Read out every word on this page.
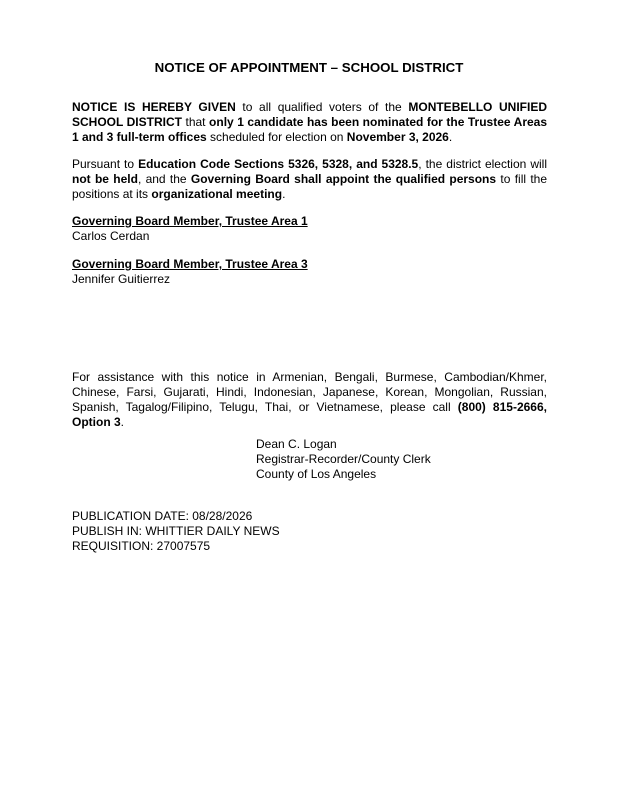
NOTICE OF APPOINTMENT – SCHOOL DISTRICT
NOTICE IS HEREBY GIVEN to all qualified voters of the MONTEBELLO UNIFIED SCHOOL DISTRICT that only 1 candidate has been nominated for the Trustee Areas 1 and 3 full-term offices scheduled for election on November 3, 2026.
Pursuant to Education Code Sections 5326, 5328, and 5328.5, the district election will not be held, and the Governing Board shall appoint the qualified persons to fill the positions at its organizational meeting.
Governing Board Member, Trustee Area 1
Carlos Cerdan
Governing Board Member, Trustee Area 3
Jennifer Guitierrez
For assistance with this notice in Armenian, Bengali, Burmese, Cambodian/Khmer, Chinese, Farsi, Gujarati, Hindi, Indonesian, Japanese, Korean, Mongolian, Russian, Spanish, Tagalog/Filipino, Telugu, Thai, or Vietnamese, please call (800) 815-2666, Option 3.
Dean C. Logan
Registrar-Recorder/County Clerk
County of Los Angeles
PUBLICATION DATE: 08/28/2026
PUBLISH IN: WHITTIER DAILY NEWS
REQUISITION: 27007575
